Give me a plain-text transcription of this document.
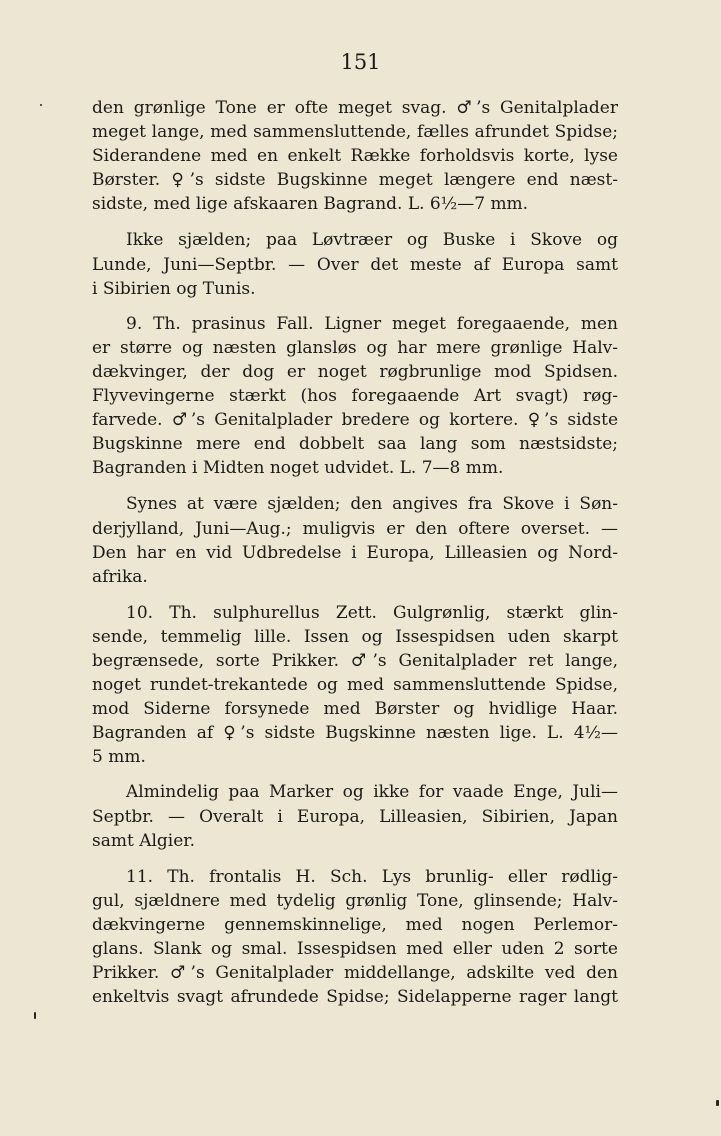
151
den grønlige Tone er ofte meget svag. ♂’s Genitalplader
meget lange, med sammensluttende, fælles afrundet Spidse;
Siderandene med en enkelt Række forholdsvis korte, lyse
Børster. ♀’s sidste Bugskinne meget længere end næst-
sidste, med lige afskaaren Bagrand. L. 6½—7 mm.
Ikke sjælden; paa Løvtræer og Buske i Skove og
Lunde, Juni—Septbr. — Over det meste af Europa samt
i Sibirien og Tunis.
9. Th. prasinus Fall. Ligner meget foregaaende, men
er større og næsten glansløs og har mere grønlige Halv-
dækvinger, der dog er noget røgbrunlige mod Spidsen.
Flyvevingerne stærkt (hos foregaaende Art svagt) røg-
farvede. ♂’s Genitalplader bredere og kortere. ♀’s sidste
Bugskinne mere end dobbelt saa lang som næstsidste;
Bagranden i Midten noget udvidet. L. 7—8 mm.
Synes at være sjælden; den angives fra Skove i Søn-
derjylland, Juni—Aug.; muligvis er den oftere overset. —
Den har en vid Udbredelse i Europa, Lilleasien og Nord-
afrika.
10. Th. sulphurellus Zett. Gulgrønlig, stærkt glin-
sende, temmelig lille. Issen og Issespidsen uden skarpt
begrænsede, sorte Prikker. ♂’s Genitalplader ret lange,
noget rundet-trekantede og med sammensluttende Spidse,
mod Siderne forsynede med Børster og hvidlige Haar.
Bagranden af ♀’s sidste Bugskinne næsten lige. L. 4½—
5 mm.
Almindelig paa Marker og ikke for vaade Enge, Juli—
Septbr. — Overalt i Europa, Lilleasien, Sibirien, Japan
samt Algier.
11. Th. frontalis H. Sch. Lys brunlig- eller rødlig-
gul, sjældnere med tydelig grønlig Tone, glinsende; Halv-
dækvingerne gennemskinnelige, med nogen Perlemor-
glans. Slank og smal. Issespidsen med eller uden 2 sorte
Prikker. ♂’s Genitalplader middellange, adskilte ved den
enkeltvis svagt afrundede Spidse; Sidelapperne rager langt
